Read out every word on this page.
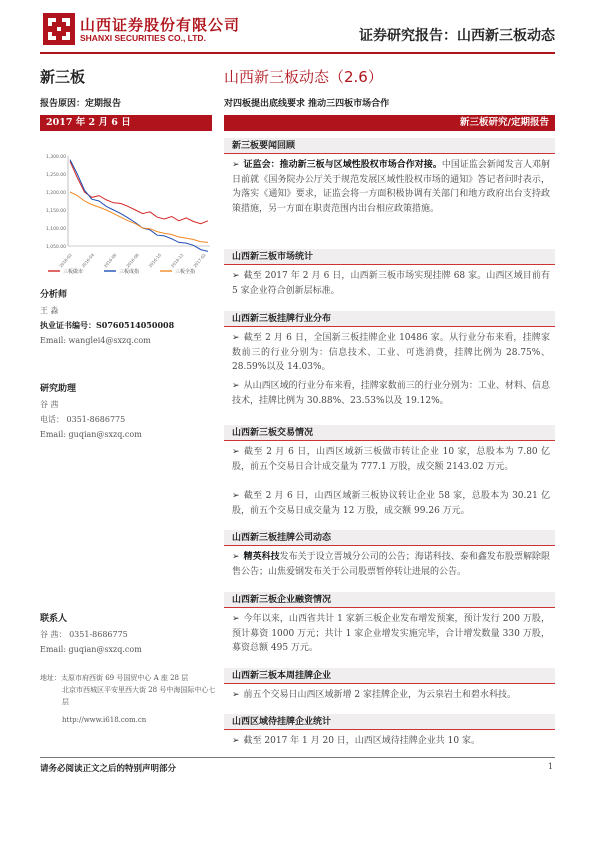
山西证券股份有限公司
SHANXI SECURITIES CO., LTD.	证券研究报告：山西新三板动态
新三板
报告原因：定期报告
山西新三板动态（2.6）
对四板提出底线要求 推动三四板市场合作
2017 年 2 月 6 日	新三板研究/定期报告
1,300.00
1,250.00
1,200.00
1,150.00
1,100.00
1,050.00
2016-02 2016-04 2016-06 2016-08 2016-10 2016-12 2017-02
三板做市	三板成指	三板全指
分析师
王 淼
执业证书编号：S0760514050008
Email: wanglei4@sxzq.com
研究助理
谷 茜
电话： 0351-8686775
Email: guqian@sxzq.com
联系人
谷 茜： 0351-8686775
Email: guqian@sxzq.com
地址：太原市府西街 69 号国贸中心 A 座 28 层
北京市西城区平安里西大街 28 号中海国际中心七层
http://www.i618.com.cn
新三板要闻回顾
➢ 证监会：推动新三板与区域性股权市场合作对接。中国证监会新闻发言人邓舸日前就《国务院办公厅关于规范发展区域性股权市场的通知》答记者问时表示，为落实《通知》要求，证监会将一方面积极协调有关部门和地方政府出台支持政策措施，另一方面在职责范围内出台相应政策措施。
山西新三板市场统计
➢ 截至 2017 年 2 月 6 日，山西新三板市场实现挂牌 68 家。山西区域目前有 5 家企业符合创新层标准。
山西新三板挂牌行业分布
➢ 截至 2 月 6 日，全国新三板挂牌企业 10486 家。从行业分布来看，挂牌家数前三的行业分别为：信息技术、工业、可选消费，挂牌比例为 28.75%、28.59%以及 14.03%。
➢ 从山西区域的行业分布来看，挂牌家数前三的行业分别为：工业、材料、信息技术，挂牌比例为 30.88%、23.53%以及 19.12%。
山西新三板交易情况
➢ 截至 2 月 6 日，山西区域新三板做市转让企业 10 家，总股本为 7.80 亿股，前五个交易日合计成交量为 777.1 万股，成交额 2143.02 万元。
➢ 截至 2 月 6 日，山西区域新三板协议转让企业 58 家，总股本为 30.21 亿股，前五个交易日成交量为 12 万股，成交额 99.26 万元。
山西新三板挂牌公司动态
➢ 精英科技发布关于设立晋城分公司的公告；海诺科技、泰和鑫发布股票解除限售公告；山焦爱钢发布关于公司股票暂停转让进展的公告。
山西新三板企业融资情况
➢ 今年以来，山西省共计 1 家新三板企业发布增发预案，预计发行 200 万股，预计募资 1000 万元；共计 1 家企业增发实施完毕，合计增发数量 330 万股，募资总额 495 万元。
山西新三板本周挂牌企业
➢ 前五个交易日山西区域新增 2 家挂牌企业，为云泉岩土和碧水科技。
山西区域待挂牌企业统计
➢ 截至 2017 年 1 月 20 日，山西区域待挂牌企业共 10 家。
请务必阅读正文之后的特别声明部分	1
